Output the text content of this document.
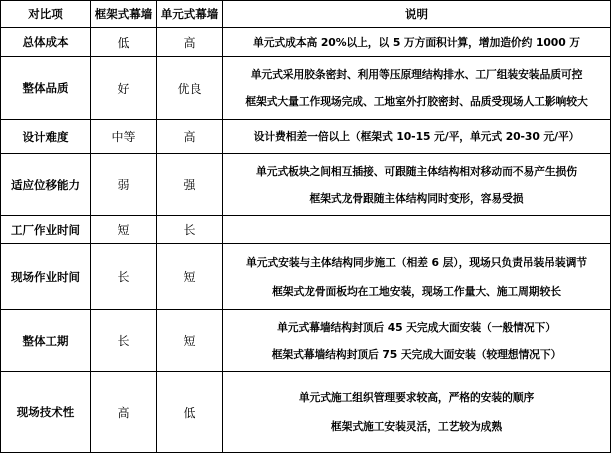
对比项	框架式幕墙	单元式幕墙	说明
总体成本	低	高	单元式成本高 20%以上，以 5 万方面积计算，增加造价约 1000 万

整体品质	好	优良	单元式采用胶条密封、利用等压原理结构排水、工厂组装安装品质可控
框架式大量工作现场完成、工地室外打胶密封、品质受现场人工影响较大

设计难度	中等	高	设计费相差一倍以上（框架式 10-15 元/平，单元式 20-30 元/平）

适应位移能力	弱	强	单元式板块之间相互插接、可跟随主体结构相对移动而不易产生损伤
框架式龙骨跟随主体结构同时变形，容易受损

工厂作业时间	短	长	
现场作业时间	长	短	单元式安装与主体结构同步施工（相差 6 层），现场只负责吊装吊装调节
框架式龙骨面板均在工地安装，现场工作量大、施工周期较长

整体工期	长	短	单元式幕墙结构封顶后 45 天完成大面安装（一般情况下）
框架式幕墙结构封顶后 75 天完成大面安装（较理想情况下）

现场技术性	高	低	单元式施工组织管理要求较高，严格的安装的顺序
框架式施工安装灵活，工艺较为成熟
